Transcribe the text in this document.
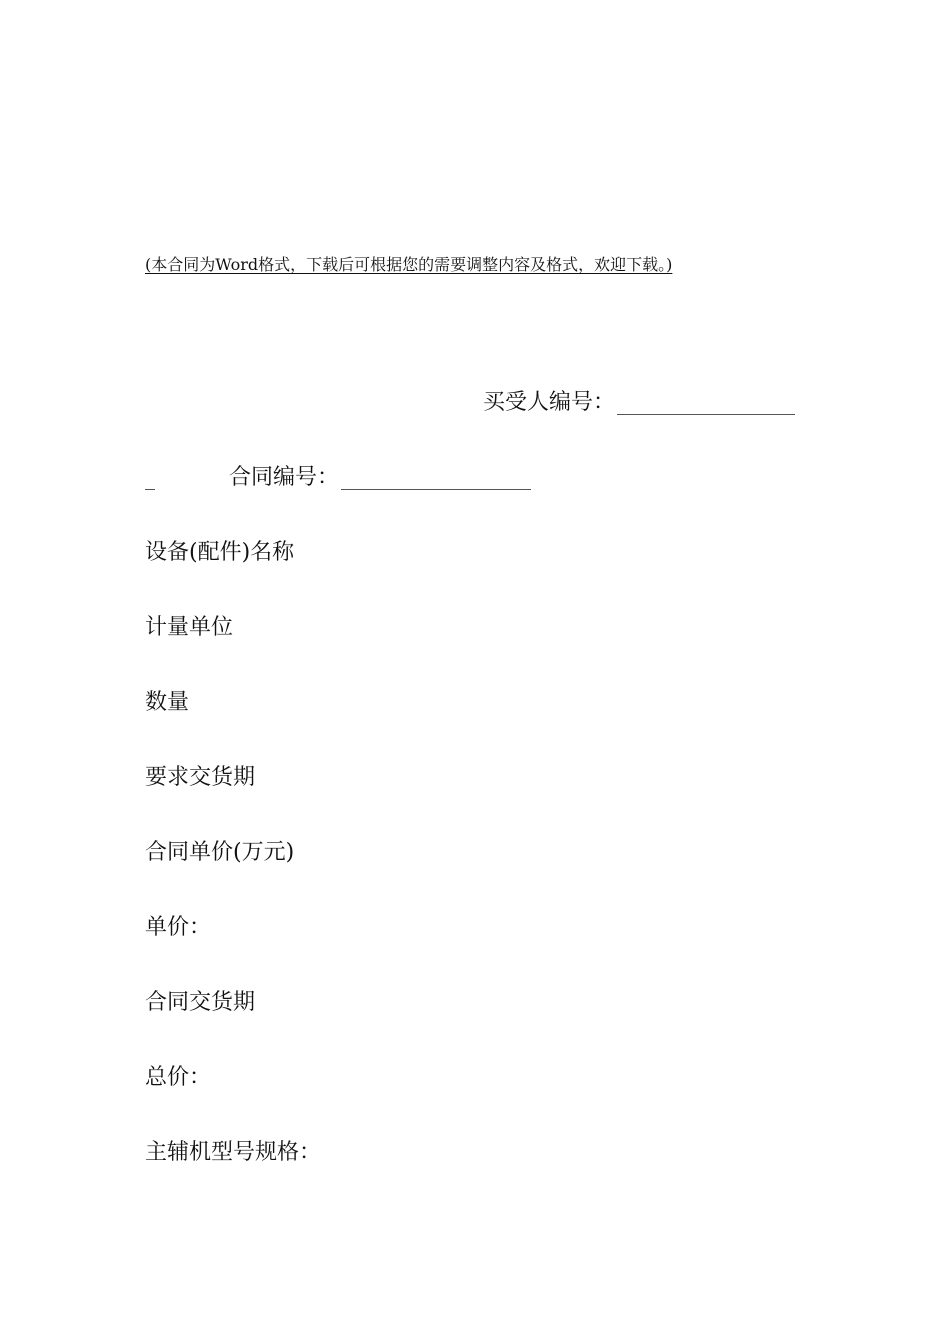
(本合同为Word格式，下载后可根据您的需要调整内容及格式，欢迎下载。)
买受人编号：
合同编号：
设备(配件)名称
计量单位
数量
要求交货期
合同单价(万元)
单价：
合同交货期
总价：
主辅机型号规格：
